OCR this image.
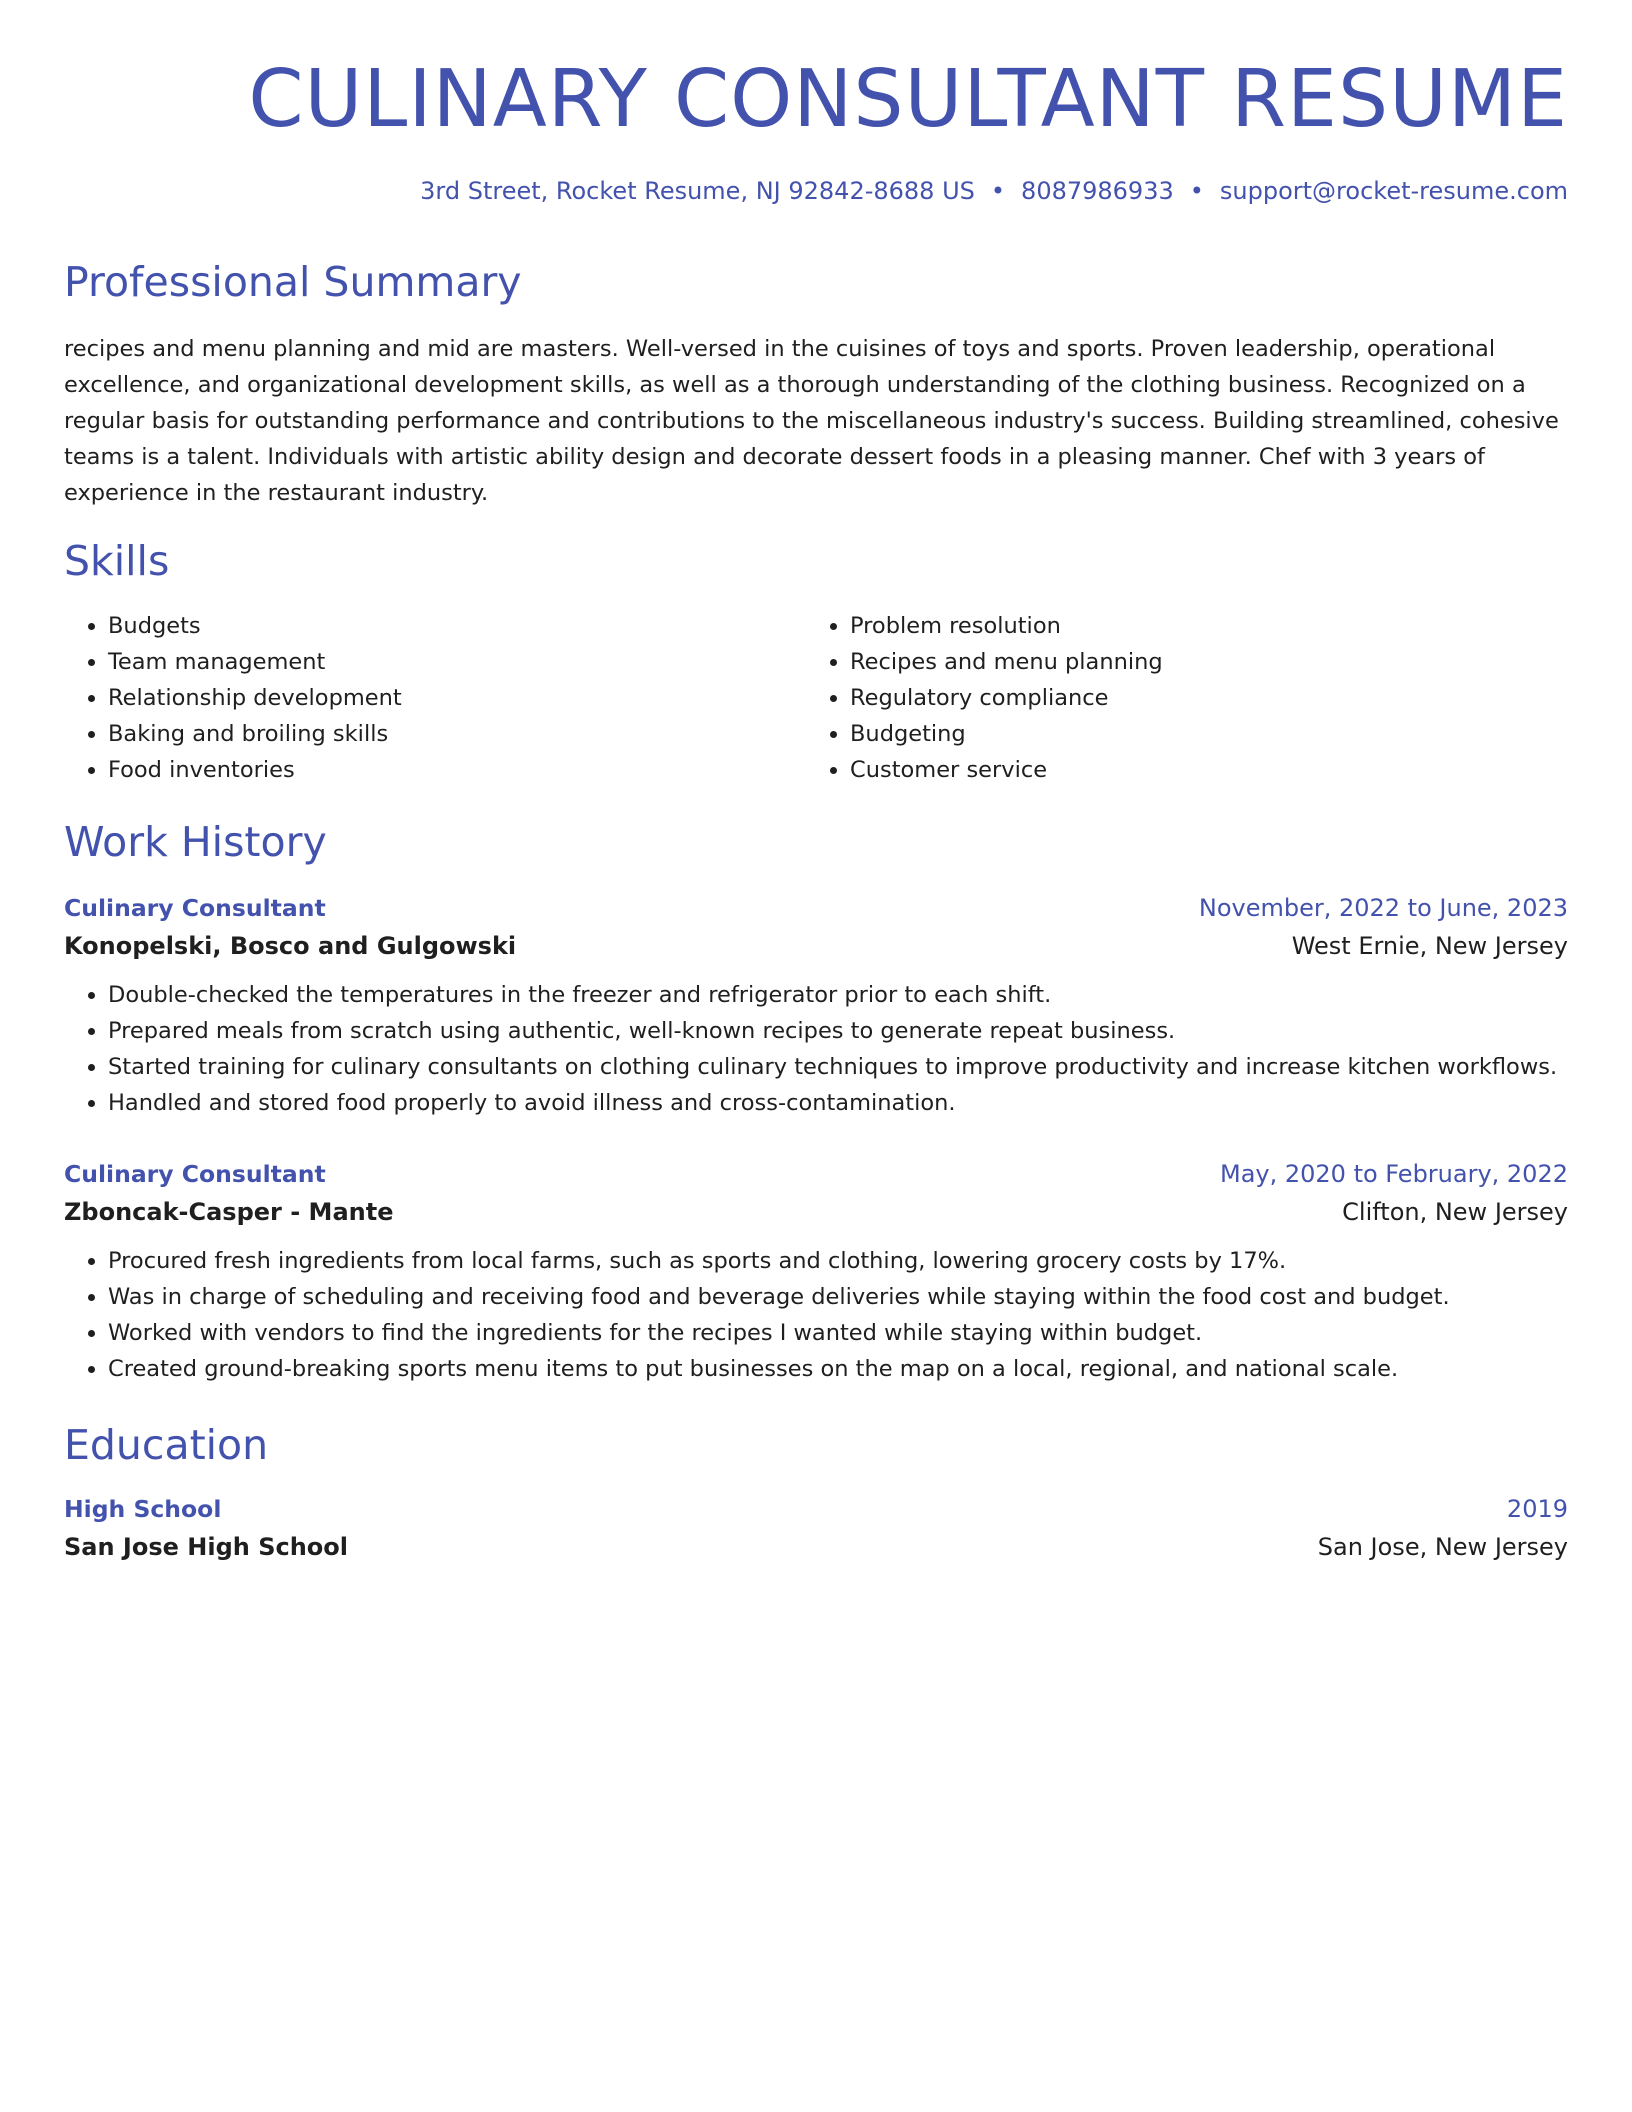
CULINARY CONSULTANT RESUME
3rd Street, Rocket Resume, NJ 92842-8688 US • 8087986933 • support@rocket-resume.com
Professional Summary
recipes and menu planning and mid are masters. Well-versed in the cuisines of toys and sports. Proven leadership, operational excellence, and organizational development skills, as well as a thorough understanding of the clothing business. Recognized on a regular basis for outstanding performance and contributions to the miscellaneous industry's success. Building streamlined, cohesive teams is a talent. Individuals with artistic ability design and decorate dessert foods in a pleasing manner. Chef with 3 years of experience in the restaurant industry.
Skills
• Budgets
• Team management
• Relationship development
• Baking and broiling skills
• Food inventories
• Problem resolution
• Recipes and menu planning
• Regulatory compliance
• Budgeting
• Customer service
Work History
Culinary Consultant	November, 2022 to June, 2023
Konopelski, Bosco and Gulgowski	West Ernie, New Jersey
• Double-checked the temperatures in the freezer and refrigerator prior to each shift.
• Prepared meals from scratch using authentic, well-known recipes to generate repeat business.
• Started training for culinary consultants on clothing culinary techniques to improve productivity and increase kitchen workflows.
• Handled and stored food properly to avoid illness and cross-contamination.
Culinary Consultant	May, 2020 to February, 2022
Zboncak-Casper - Mante	Clifton, New Jersey
• Procured fresh ingredients from local farms, such as sports and clothing, lowering grocery costs by 17%.
• Was in charge of scheduling and receiving food and beverage deliveries while staying within the food cost and budget.
• Worked with vendors to find the ingredients for the recipes I wanted while staying within budget.
• Created ground-breaking sports menu items to put businesses on the map on a local, regional, and national scale.
Education
High School	2019
San Jose High School	San Jose, New Jersey
